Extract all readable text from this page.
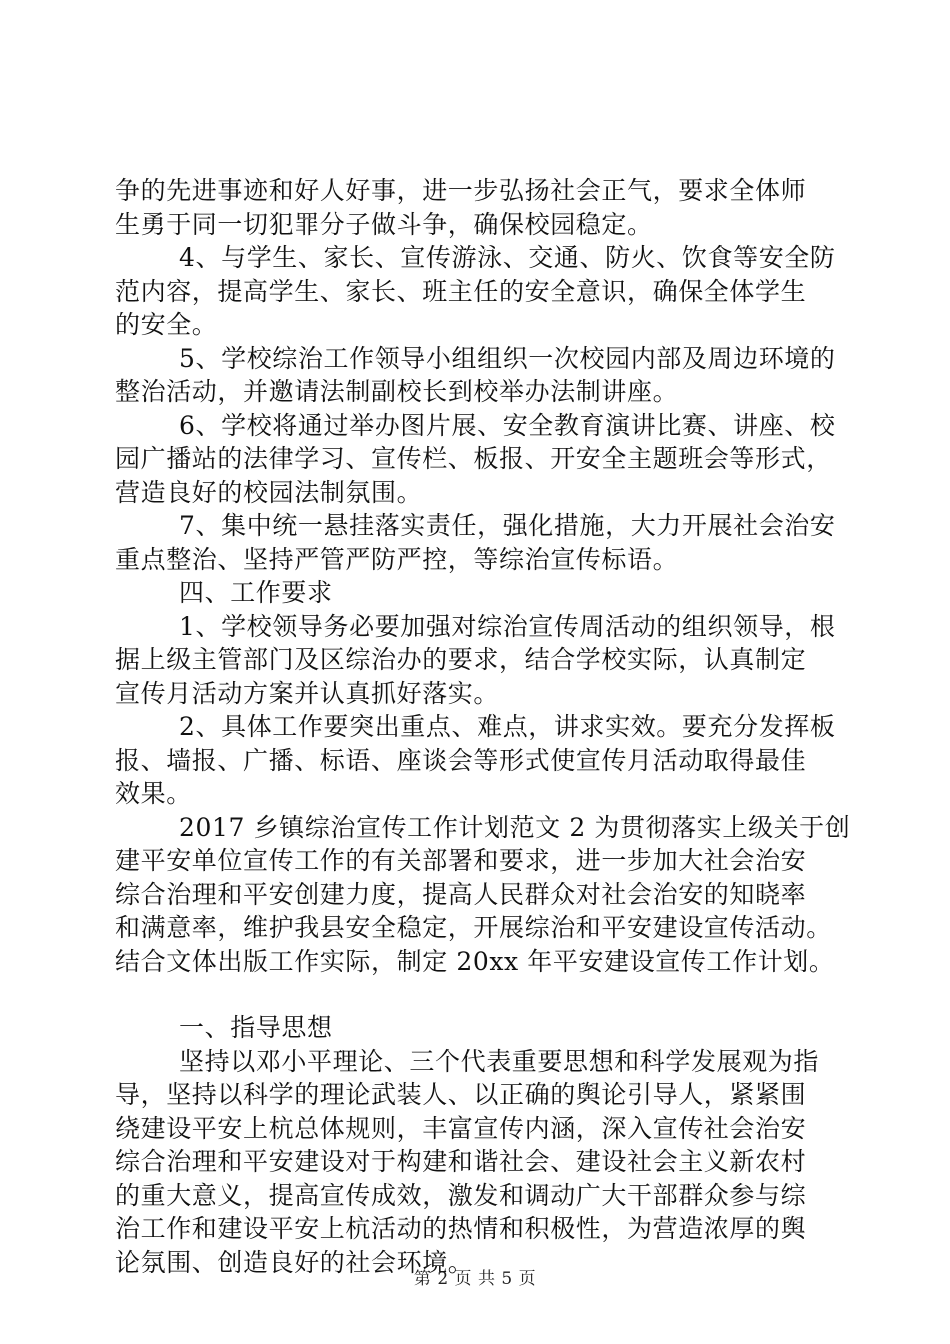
争的先进事迹和好人好事，进一步弘扬社会正气，要求全体师
生勇于同一切犯罪分子做斗争，确保校园稳定。
4、与学生、家长、宣传游泳、交通、防火、饮食等安全防
范内容，提高学生、家长、班主任的安全意识，确保全体学生
的安全。
5、学校综治工作领导小组组织一次校园内部及周边环境的
整治活动，并邀请法制副校长到校举办法制讲座。
6、学校将通过举办图片展、安全教育演讲比赛、讲座、校
园广播站的法律学习、宣传栏、板报、开安全主题班会等形式，
营造良好的校园法制氛围。
7、集中统一悬挂落实责任，强化措施，大力开展社会治安
重点整治、坚持严管严防严控，等综治宣传标语。
四、工作要求
1、学校领导务必要加强对综治宣传周活动的组织领导，根
据上级主管部门及区综治办的要求，结合学校实际，认真制定
宣传月活动方案并认真抓好落实。
2、具体工作要突出重点、难点，讲求实效。要充分发挥板
报、墙报、广播、标语、座谈会等形式使宣传月活动取得最佳
效果。
2017 乡镇综治宣传工作计划范文 2 为贯彻落实上级关于创
建平安单位宣传工作的有关部署和要求，进一步加大社会治安
综合治理和平安创建力度，提高人民群众对社会治安的知晓率
和满意率，维护我县安全稳定，开展综治和平安建设宣传活动。
结合文体出版工作实际，制定 20xx 年平安建设宣传工作计划。
一、指导思想
坚持以邓小平理论、三个代表重要思想和科学发展观为指
导，坚持以科学的理论武装人、以正确的舆论引导人，紧紧围
绕建设平安上杭总体规则，丰富宣传内涵，深入宣传社会治安
综合治理和平安建设对于构建和谐社会、建设社会主义新农村
的重大意义，提高宣传成效，激发和调动广大干部群众参与综
治工作和建设平安上杭活动的热情和积极性，为营造浓厚的舆
论氛围、创造良好的社会环境。
第 2 页 共 5 页
